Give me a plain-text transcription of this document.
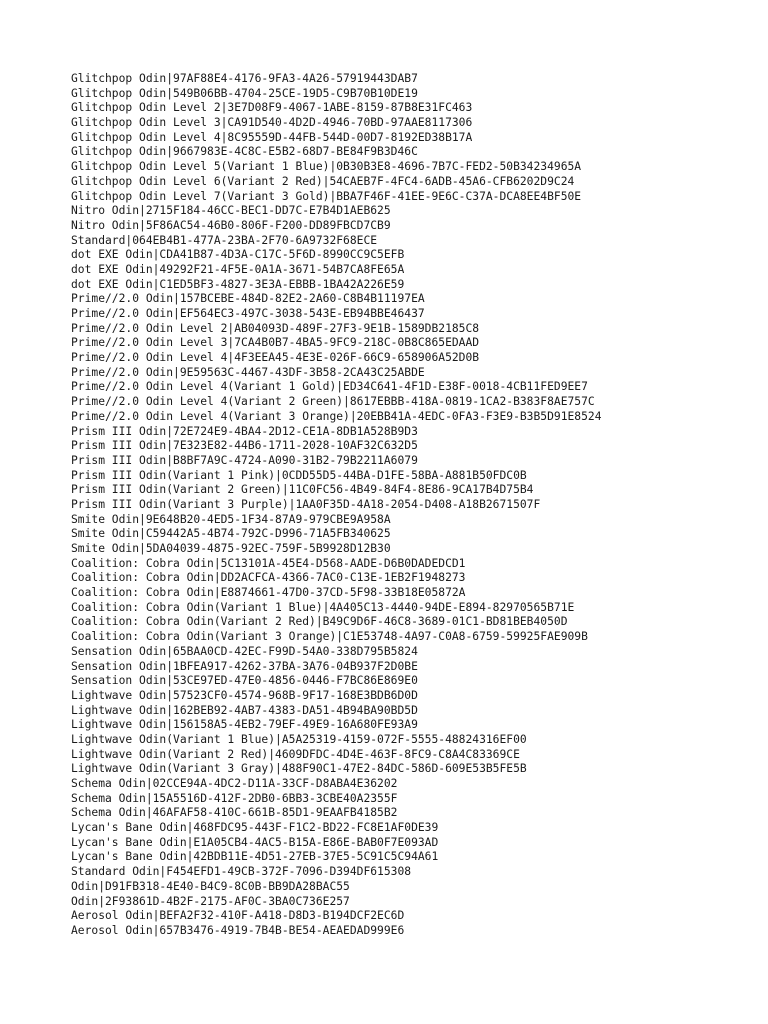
Glitchpop Odin|97AF88E4-4176-9FA3-4A26-57919443DAB7
Glitchpop Odin|549B06BB-4704-25CE-19D5-C9B70B10DE19
Glitchpop Odin Level 2|3E7D08F9-4067-1ABE-8159-87B8E31FC463
Glitchpop Odin Level 3|CA91D540-4D2D-4946-70BD-97AAE8117306
Glitchpop Odin Level 4|8C95559D-44FB-544D-00D7-8192ED38B17A
Glitchpop Odin|9667983E-4C8C-E5B2-68D7-BE84F9B3D46C
Glitchpop Odin Level 5(Variant 1 Blue)|0B30B3E8-4696-7B7C-FED2-50B34234965A
Glitchpop Odin Level 6(Variant 2 Red)|54CAEB7F-4FC4-6ADB-45A6-CFB6202D9C24
Glitchpop Odin Level 7(Variant 3 Gold)|BBA7F46F-41EE-9E6C-C37A-DCA8EE4BF50E
Nitro Odin|2715F184-46CC-BEC1-DD7C-E7B4D1AEB625
Nitro Odin|5F86AC54-46B0-806F-F200-DD89FBCD7CB9
Standard|064EB4B1-477A-23BA-2F70-6A9732F68ECE
dot EXE Odin|CDA41B87-4D3A-C17C-5F6D-8990CC9C5EFB
dot EXE Odin|49292F21-4F5E-0A1A-3671-54B7CA8FE65A
dot EXE Odin|C1ED5BF3-4827-3E3A-EBBB-1BA42A226E59
Prime//2.0 Odin|157BCEBE-484D-82E2-2A60-C8B4B11197EA
Prime//2.0 Odin|EF564EC3-497C-3038-543E-EB94BBE46437
Prime//2.0 Odin Level 2|AB04093D-489F-27F3-9E1B-1589DB2185C8
Prime//2.0 Odin Level 3|7CA4B0B7-4BA5-9FC9-218C-0B8C865EDAAD
Prime//2.0 Odin Level 4|4F3EEA45-4E3E-026F-66C9-658906A52D0B
Prime//2.0 Odin|9E59563C-4467-43DF-3B58-2CA43C25ABDE
Prime//2.0 Odin Level 4(Variant 1 Gold)|ED34C641-4F1D-E38F-0018-4CB11FED9EE7
Prime//2.0 Odin Level 4(Variant 2 Green)|8617EBBB-418A-0819-1CA2-B383F8AE757C
Prime//2.0 Odin Level 4(Variant 3 Orange)|20EBB41A-4EDC-0FA3-F3E9-B3B5D91E8524
Prism III Odin|72E724E9-4BA4-2D12-CE1A-8DB1A528B9D3
Prism III Odin|7E323E82-44B6-1711-2028-10AF32C632D5
Prism III Odin|B8BF7A9C-4724-A090-31B2-79B2211A6079
Prism III Odin(Variant 1 Pink)|0CDD55D5-44BA-D1FE-58BA-A881B50FDC0B
Prism III Odin(Variant 2 Green)|11C0FC56-4B49-84F4-8E86-9CA17B4D75B4
Prism III Odin(Variant 3 Purple)|1AA0F35D-4A18-2054-D408-A18B2671507F
Smite Odin|9E648B20-4ED5-1F34-87A9-979CBE9A958A
Smite Odin|C59442A5-4B74-792C-D996-71A5FB340625
Smite Odin|5DA04039-4875-92EC-759F-5B9928D12B30
Coalition: Cobra Odin|5C13101A-45E4-D568-AADE-D6B0DADEDCD1
Coalition: Cobra Odin|DD2ACFCA-4366-7AC0-C13E-1EB2F1948273
Coalition: Cobra Odin|E8874661-47D0-37CD-5F98-33B18E05872A
Coalition: Cobra Odin(Variant 1 Blue)|4A405C13-4440-94DE-E894-82970565B71E
Coalition: Cobra Odin(Variant 2 Red)|B49C9D6F-46C8-3689-01C1-BD81BEB4050D
Coalition: Cobra Odin(Variant 3 Orange)|C1E53748-4A97-C0A8-6759-59925FAE909B
Sensation Odin|65BAA0CD-42EC-F99D-54A0-338D795B5824
Sensation Odin|1BFEA917-4262-37BA-3A76-04B937F2D0BE
Sensation Odin|53CE97ED-47E0-4856-0446-F7BC86E869E0
Lightwave Odin|57523CF0-4574-968B-9F17-168E3BDB6D0D
Lightwave Odin|162BEB92-4AB7-4383-DA51-4B94BA90BD5D
Lightwave Odin|156158A5-4EB2-79EF-49E9-16A680FE93A9
Lightwave Odin(Variant 1 Blue)|A5A25319-4159-072F-5555-48824316EF00
Lightwave Odin(Variant 2 Red)|4609DFDC-4D4E-463F-8FC9-C8A4C83369CE
Lightwave Odin(Variant 3 Gray)|488F90C1-47E2-84DC-586D-609E53B5FE5B
Schema Odin|02CCE94A-4DC2-D11A-33CF-D8ABA4E36202
Schema Odin|15A5516D-412F-2DB0-6BB3-3CBE40A2355F
Schema Odin|46AFAF58-410C-661B-85D1-9EAAFB4185B2
Lycan's Bane Odin|468FDC95-443F-F1C2-BD22-FC8E1AF0DE39
Lycan's Bane Odin|E1A05CB4-4AC5-B15A-E86E-BAB0F7E093AD
Lycan's Bane Odin|42BDB11E-4D51-27EB-37E5-5C91C5C94A61
Standard Odin|F454EFD1-49CB-372F-7096-D394DF615308
Odin|D91FB318-4E40-B4C9-8C0B-BB9DA28BAC55
Odin|2F93861D-4B2F-2175-AF0C-3BA0C736E257
Aerosol Odin|BEFA2F32-410F-A418-D8D3-B194DCF2EC6D
Aerosol Odin|657B3476-4919-7B4B-BE54-AEAEDAD999E6
